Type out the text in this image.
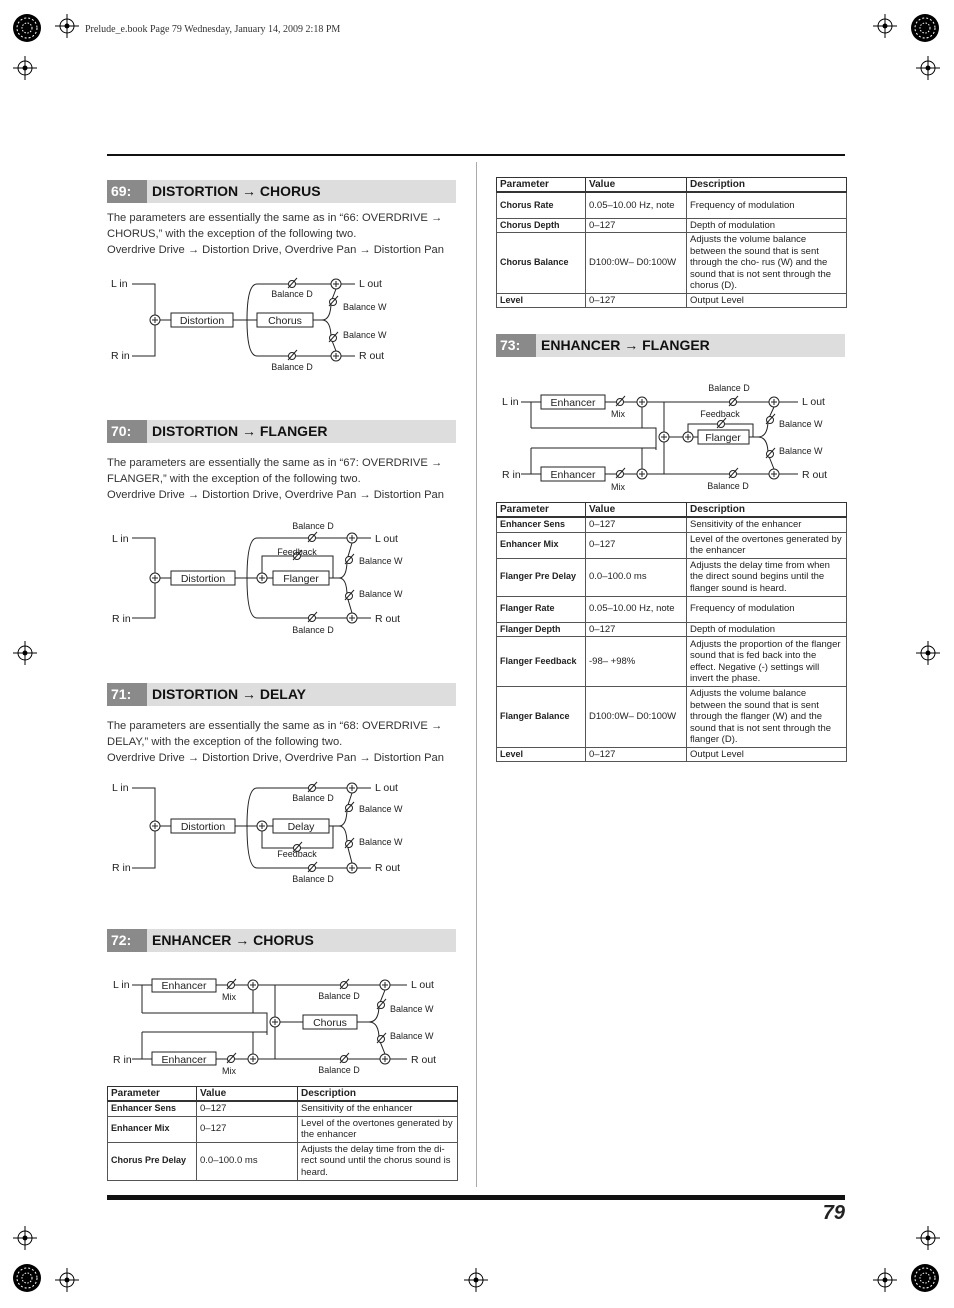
Prelude_e.book Page 79 Wednesday, January 14, 2009 2:18 PM
79
69:	DISTORTION → CHORUS
The parameters are essentially the same as in “66: OVERDRIVE → CHORUS,” with the exception of the following two.
Overdrive Drive → Distortion Drive, Overdrive Pan → Distortion Pan
L in
R in
L out
R out
Distortion	Chorus
Balance D
Balance W
Balance W
Balance D
70:	DISTORTION → FLANGER
The parameters are essentially the same as in “67: OVERDRIVE → FLANGER,” with the exception of the following two.
Overdrive Drive → Distortion Drive, Overdrive Pan → Distortion Pan
L in
R in
L out
R out
Distortion	Flanger
Feedback
Balance D
Balance W
Balance W
Balance D
71:	DISTORTION → DELAY
The parameters are essentially the same as in “68: OVERDRIVE → DELAY,” with the exception of the following two.
Overdrive Drive → Distortion Drive, Overdrive Pan → Distortion Pan
L in
R in
L out
R out
Distortion	Delay
Feedback
Balance D
Balance W
Balance W
Balance D
72:	ENHANCER → CHORUS
L in
R in
L out
R out
Enhancer
Enhancer
Mix
Mix
Chorus
Balance D
Balance W
Balance W
Balance D
Parameter	Value	Description
Enhancer Sens	0–127	Sensitivity of the enhancer
Enhancer Mix	0–127	Level of the overtones generated by the enhancer
Chorus Pre Delay	0.0–100.0 ms	Adjusts the delay time from the di- rect sound until the chorus sound is heard.
Parameter	Value	Description
Chorus Rate	0.05–10.00 Hz, note	Frequency of modulation
Chorus Depth	0–127	Depth of modulation
Chorus Balance	D100:0W– D0:100W	Adjusts the volume balance between the sound that is sent through the cho- rus (W) and the sound that is not sent through the chorus (D).
Level	0–127	Output Level
73:	ENHANCER → FLANGER
L in
R in
L out
R out
Enhancer
Enhancer
Mix
Mix
Flanger
Feedback
Balance D
Balance W
Balance W
Balance D
Parameter	Value	Description
Enhancer Sens	0–127	Sensitivity of the enhancer
Enhancer Mix	0–127	Level of the overtones generated by the enhancer
Flanger Pre Delay	0.0–100.0 ms	Adjusts the delay time from when the direct sound begins until the flanger sound is heard.
Flanger Rate	0.05–10.00 Hz, note	Frequency of modulation
Flanger Depth	0–127	Depth of modulation
Flanger Feedback	-98– +98%	Adjusts the proportion of the flanger sound that is fed back into the effect. Negative (-) settings will invert the phase.
Flanger Balance	D100:0W– D0:100W	Adjusts the volume balance between the sound that is sent through the flanger (W) and the sound that is not sent through the flanger (D).
Level	0–127	Output Level
